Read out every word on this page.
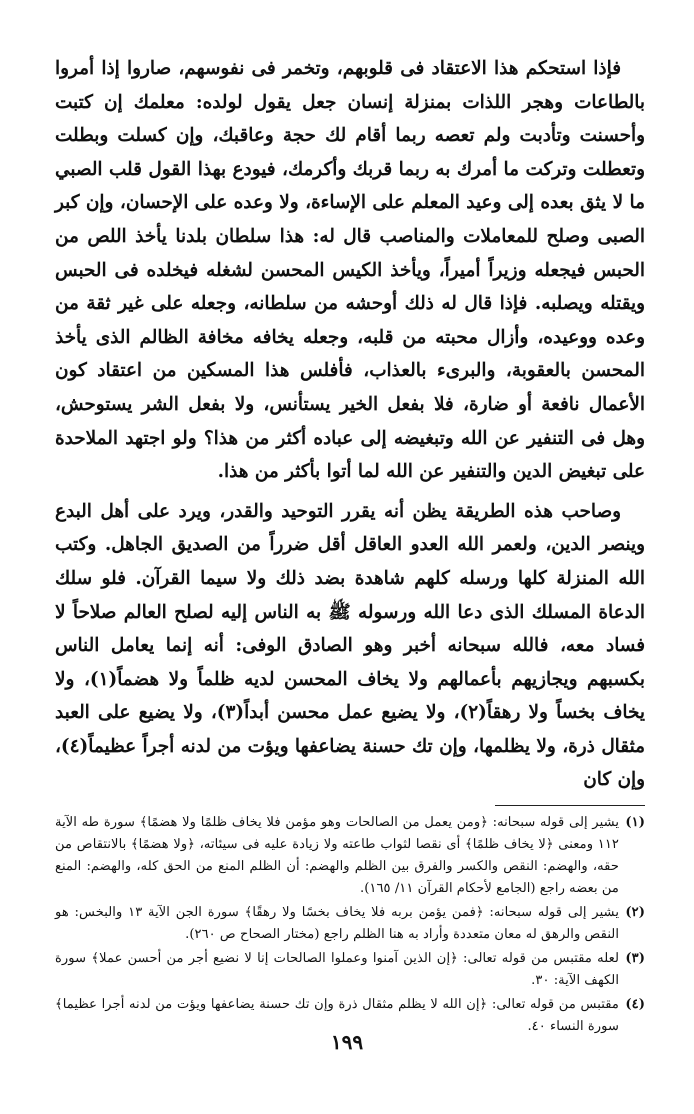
فإذا استحكم هذا الاعتقاد فى قلوبهم، وتخمر فى نفوسهم، صاروا إذا أمروا بالطاعات وهجر اللذات بمنزلة إنسان جعل يقول لولده: معلمك إن كتبت وأحسنت وتأدبت ولم تعصه ربما أقام لك حجة وعاقبك، وإن كسلت وبطلت وتعطلت وتركت ما أمرك به ربما قربك وأكرمك، فيودع بهذا القول قلب الصبي ما لا يثق بعده إلى وعيد المعلم على الإساءة، ولا وعده على الإحسان، وإن كبر الصبى وصلح للمعاملات والمناصب قال له: هذا سلطان بلدنا يأخذ اللص من الحبس فيجعله وزيراً أميراً، ويأخذ الكيس المحسن لشغله فيخلده فى الحبس ويقتله ويصلبه. فإذا قال له ذلك أوحشه من سلطانه، وجعله على غير ثقة من وعده ووعيده، وأزال محبته من قلبه، وجعله يخافه مخافة الظالم الذى يأخذ المحسن بالعقوبة، والبرىء بالعذاب، فأفلس هذا المسكين من اعتقاد كون الأعمال نافعة أو ضارة، فلا بفعل الخير يستأنس، ولا بفعل الشر يستوحش، وهل فى التنفير عن الله وتبغيضه إلى عباده أكثر من هذا؟ ولو اجتهد الملاحدة على تبغيض الدين والتنفير عن الله لما أتوا بأكثر من هذا.

وصاحب هذه الطريقة يظن أنه يقرر التوحيد والقدر، ويرد على أهل البدع وينصر الدين، ولعمر الله العدو العاقل أقل ضرراً من الصديق الجاهل. وكتب الله المنزلة كلها ورسله كلهم شاهدة بضد ذلك ولا سيما القرآن. فلو سلك الدعاة المسلك الذى دعا الله ورسوله ﷺ به الناس إليه لصلح العالم صلاحاً لا فساد معه، فالله سبحانه أخبر وهو الصادق الوفى: أنه إنما يعامل الناس بكسبهم ويجازيهم بأعمالهم ولا يخاف المحسن لديه ظلماً ولا هضماً(١)، ولا يخاف بخساً ولا رهقاً(٢)، ولا يضيع عمل محسن أبداً(٣)، ولا يضيع على العبد مثقال ذرة، ولا يظلمها، وإن تك حسنة يضاعفها ويؤت من لدنه أجراً عظيماً(٤)، وإن كان

(١)
يشير إلى قوله سبحانه: ﴿ومن يعمل من الصالحات وهو مؤمن فلا يخاف ظلمًا ولا هضمًا﴾ سورة طه الآية ١١٢ ومعنى ﴿لا يخاف ظلمًا﴾ أى نقصا لثواب طاعته ولا زيادة عليه فى سيئاته، ﴿ولا هضمًا﴾ بالانتقاص من حقه، والهضم: النقص والكسر والفرق بين الظلم والهضم: أن الظلم المنع من الحق كله، والهضم: المنع من بعضه راجع (الجامع لأحكام القرآن ١١/ ١٦٥).
(٢)
يشير إلى قوله سبحانه: ﴿فمن يؤمن بربه فلا يخاف بخسًا ولا رهقًا﴾ سورة الجن الآية ١٣ والبخس: هو النقص والرهق له معان متعددة وأراد به هنا الظلم راجع (مختار الصحاح ص ٢٦٠).
(٣)
لعله مقتبس من قوله تعالى: ﴿إن الذين آمنوا وعملوا الصالحات إنا لا نضيع أجر من أحسن عملا﴾ سورة الكهف الآية: ٣٠.
(٤)
مقتبس من قوله تعالى: ﴿إن الله لا يظلم مثقال ذرة وإن تك حسنة يضاعفها ويؤت من لدنه أجرا عظيما﴾ سورة النساء ٤٠.
١٩٩
